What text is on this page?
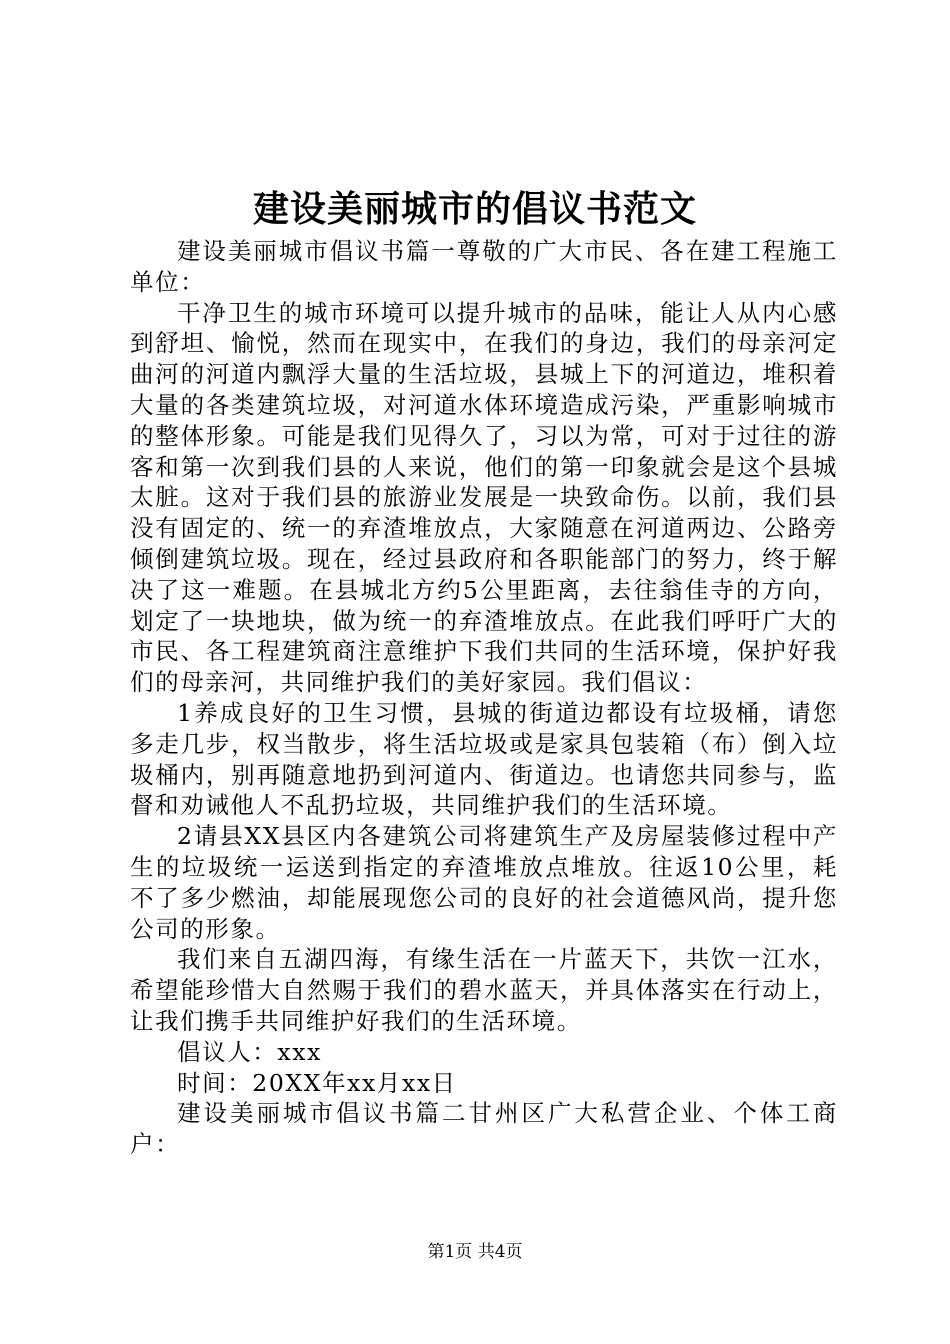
建设美丽城市的倡议书范文

建设美丽城市倡议书篇一尊敬的广大市民、各在建工程施工单位：

干净卫生的城市环境可以提升城市的品味，能让人从内心感到舒坦、愉悦，然而在现实中，在我们的身边，我们的母亲河定曲河的河道内飘浮大量的生活垃圾，县城上下的河道边，堆积着大量的各类建筑垃圾，对河道水体环境造成污染，严重影响城市的整体形象。可能是我们见得久了，习以为常，可对于过往的游客和第一次到我们县的人来说，他们的第一印象就会是这个县城太脏。这对于我们县的旅游业发展是一块致命伤。以前，我们县没有固定的、统一的弃渣堆放点，大家随意在河道两边、公路旁倾倒建筑垃圾。现在，经过县政府和各职能部门的努力，终于解决了这一难题。在县城北方约5公里距离，去往翁佳寺的方向，划定了一块地块，做为统一的弃渣堆放点。在此我们呼吁广大的市民、各工程建筑商注意维护下我们共同的生活环境，保护好我们的母亲河，共同维护我们的美好家园。我们倡议：

1养成良好的卫生习惯，县城的街道边都设有垃圾桶，请您多走几步，权当散步，将生活垃圾或是家具包装箱（布）倒入垃圾桶内，别再随意地扔到河道内、街道边。也请您共同参与，监督和劝诫他人不乱扔垃圾，共同维护我们的生活环境。

2请县XX县区内各建筑公司将建筑生产及房屋装修过程中产生的垃圾统一运送到指定的弃渣堆放点堆放。往返10公里，耗不了多少燃油，却能展现您公司的良好的社会道德风尚，提升您公司的形象。

我们来自五湖四海，有缘生活在一片蓝天下，共饮一江水，希望能珍惜大自然赐于我们的碧水蓝天，并具体落实在行动上，让我们携手共同维护好我们的生活环境。

倡议人：xxx

时间：20XX年xx月xx日

建设美丽城市倡议书篇二甘州区广大私营企业、个体工商户：

第1页 共4页
